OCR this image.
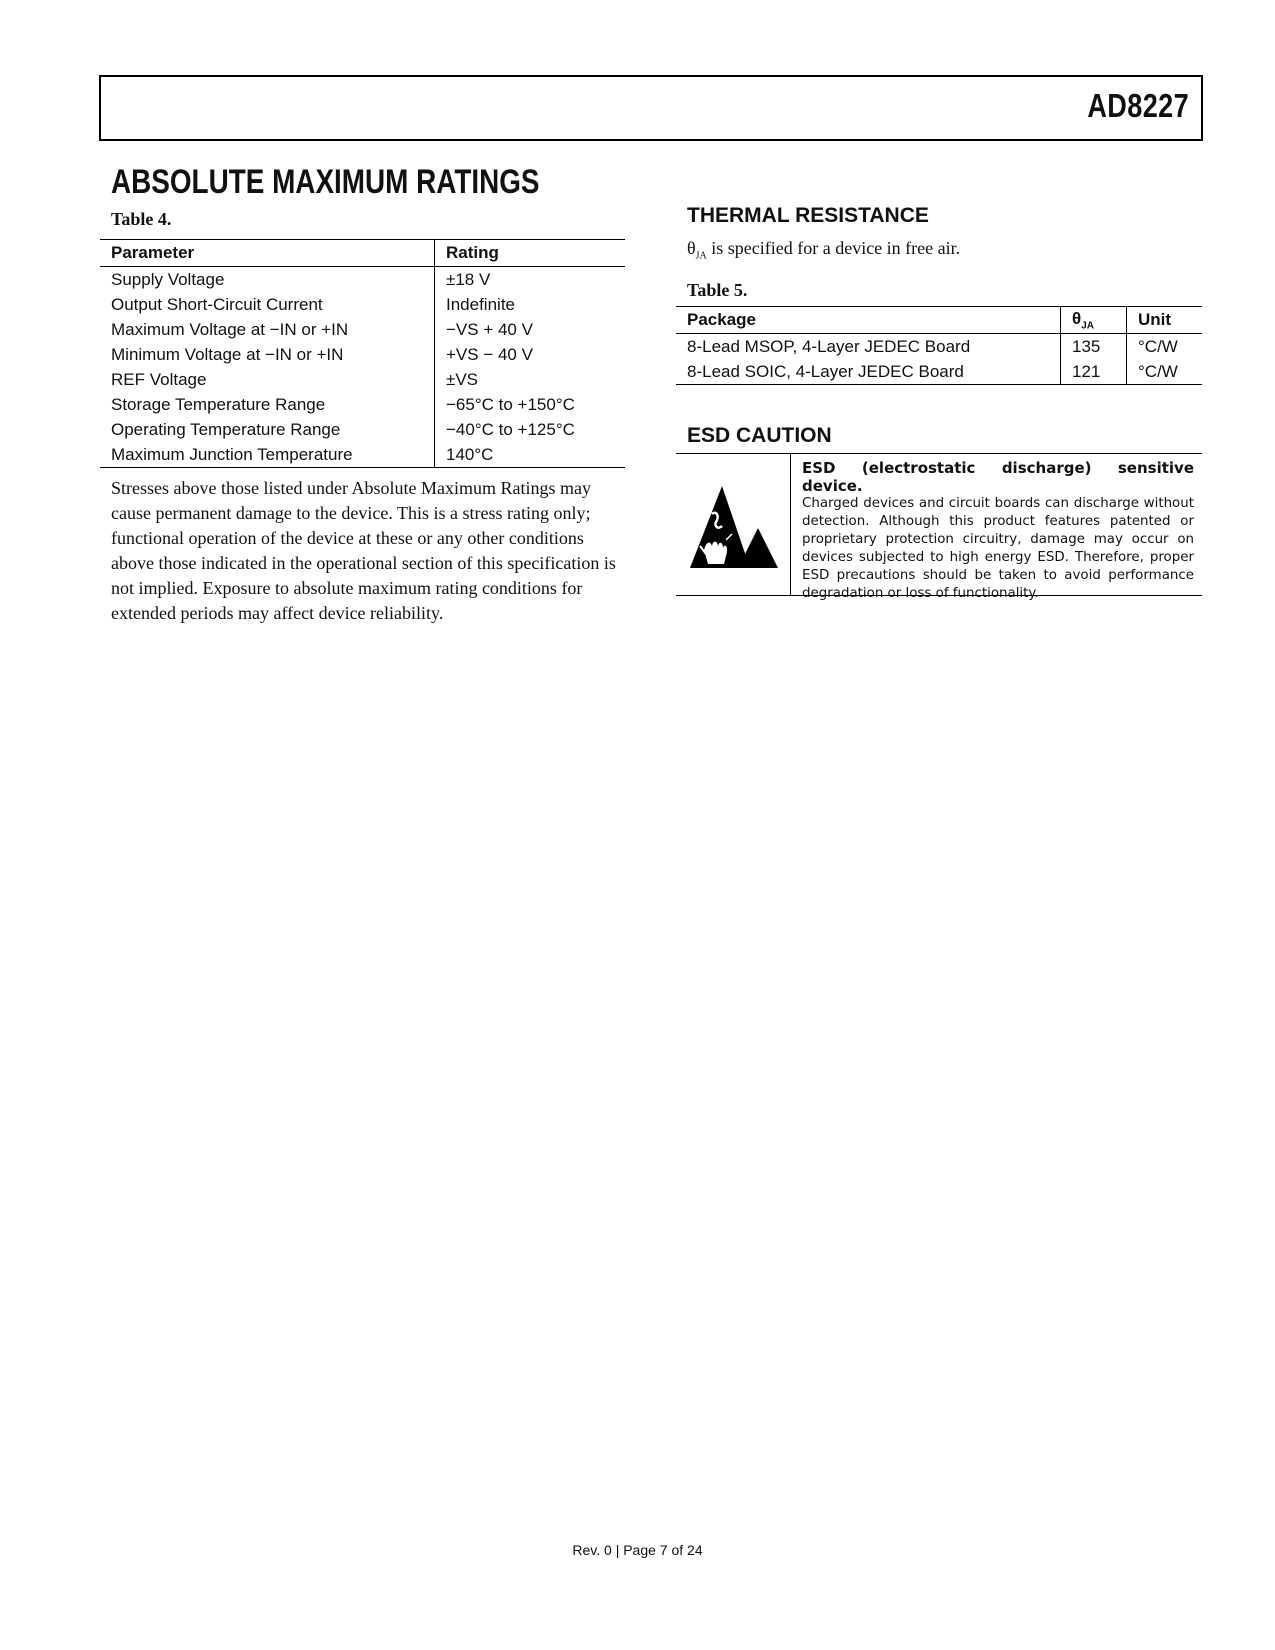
AD8227
ABSOLUTE MAXIMUM RATINGS
Table 4.
Parameter	Rating
Supply Voltage	±18 V
Output Short-Circuit Current	Indefinite
Maximum Voltage at −IN or +IN	−VS + 40 V
Minimum Voltage at −IN or +IN	+VS − 40 V
REF Voltage	±VS
Storage Temperature Range	−65°C to +150°C
Operating Temperature Range	−40°C to +125°C
Maximum Junction Temperature	140°C
Stresses above those listed under Absolute Maximum Ratings may cause permanent damage to the device. This is a stress rating only; functional operation of the device at these or any other conditions above those indicated in the operational section of this specification is not implied. Exposure to absolute maximum rating conditions for extended periods may affect device reliability.
THERMAL RESISTANCE
$\theta_{JA}$ is specified for a device in free air.
Table 5.
Package	$\theta_{JA}$	Unit
8-Lead MSOP, 4-Layer JEDEC Board	135	°C/W
8-Lead SOIC, 4-Layer JEDEC Board	121	°C/W
ESD CAUTION
ESD (electrostatic discharge) sensitive device.
Charged devices and circuit boards can discharge without detection. Although this product features patented or proprietary protection circuitry, damage may occur on devices subjected to high energy ESD. Therefore, proper ESD precautions should be taken to avoid performance degradation or loss of functionality.
Rev. 0 | Page 7 of 24
